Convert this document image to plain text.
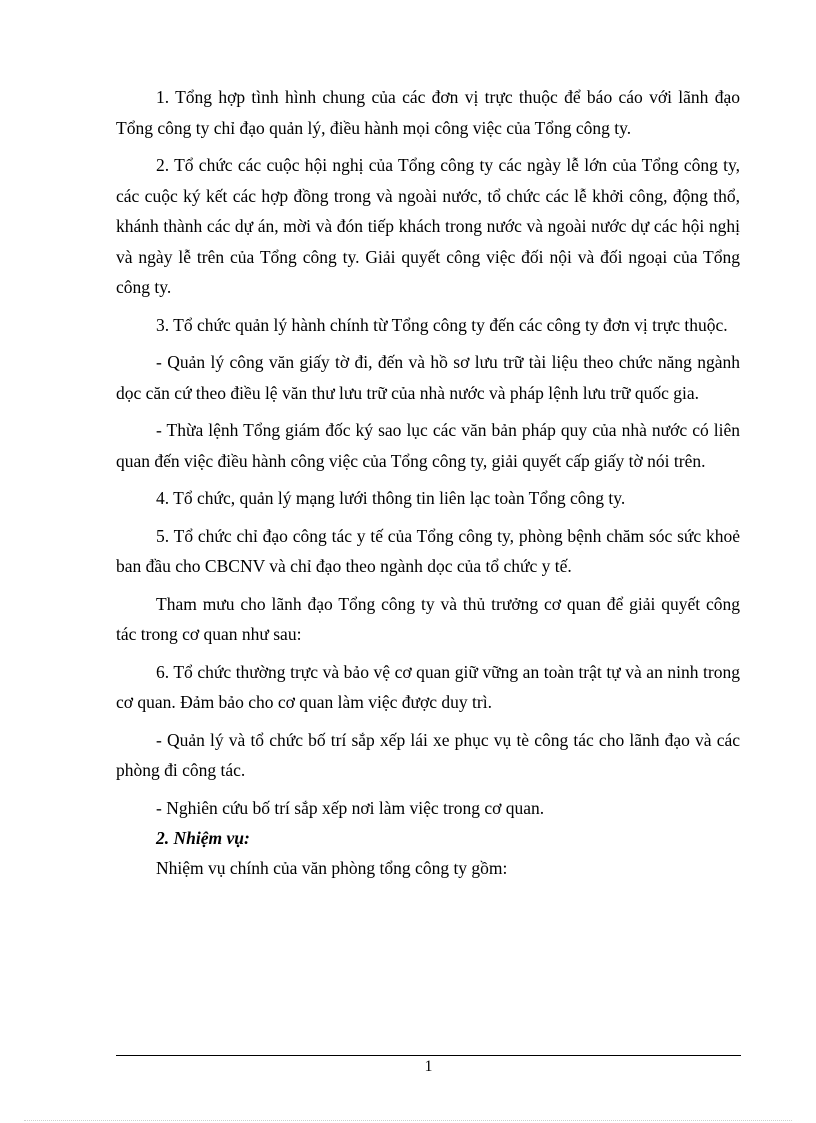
1. Tổng hợp tình hình chung của các đơn vị trực thuộc để báo cáo với lãnh đạo Tổng công ty chỉ đạo quản lý, điều hành mọi công việc của Tổng công ty.

2. Tổ chức các cuộc hội nghị của Tổng công ty các ngày lễ lớn của Tổng công ty, các cuộc ký kết các hợp đồng trong và ngoài nước, tổ chức các lễ khởi công, động thổ, khánh thành các dự án, mời và đón tiếp khách trong nước và ngoài nước dự các hội nghị và ngày lễ trên của Tổng công ty. Giải quyết công việc đối nội và đối ngoại của Tổng công ty.

3. Tổ chức quản lý hành chính từ Tổng công ty đến các công ty đơn vị trực thuộc.

- Quản lý công văn giấy tờ đi, đến và hồ sơ lưu trữ tài liệu theo chức năng ngành dọc căn cứ theo điều lệ văn thư lưu trữ của nhà nước và pháp lệnh lưu trữ quốc gia.

- Thừa lệnh Tổng giám đốc ký sao lục các văn bản pháp quy của nhà nước có liên quan đến việc điều hành công việc của Tổng công ty, giải quyết cấp giấy tờ nói trên.

4. Tổ chức, quản lý mạng lưới thông tin liên lạc toàn Tổng công ty.

5. Tổ chức chỉ đạo công tác y tế của Tổng công ty, phòng bệnh chăm sóc sức khoẻ ban đầu cho CBCNV và chỉ đạo theo ngành dọc của tổ chức y tế.

Tham mưu cho lãnh đạo Tổng công ty và thủ trưởng cơ quan để giải quyết công tác trong cơ quan như sau:

6. Tổ chức thường trực và bảo vệ cơ quan giữ vững an toàn trật tự và an ninh trong cơ quan. Đảm bảo cho cơ quan làm việc được duy trì.

- Quản lý và tổ chức bố trí sắp xếp lái xe phục vụ tè công tác cho lãnh đạo và các phòng đi công tác.

- Nghiên cứu bố trí sắp xếp nơi làm việc trong cơ quan.

2. Nhiệm vụ:

Nhiệm vụ chính của văn phòng tổng công ty gồm:

1
